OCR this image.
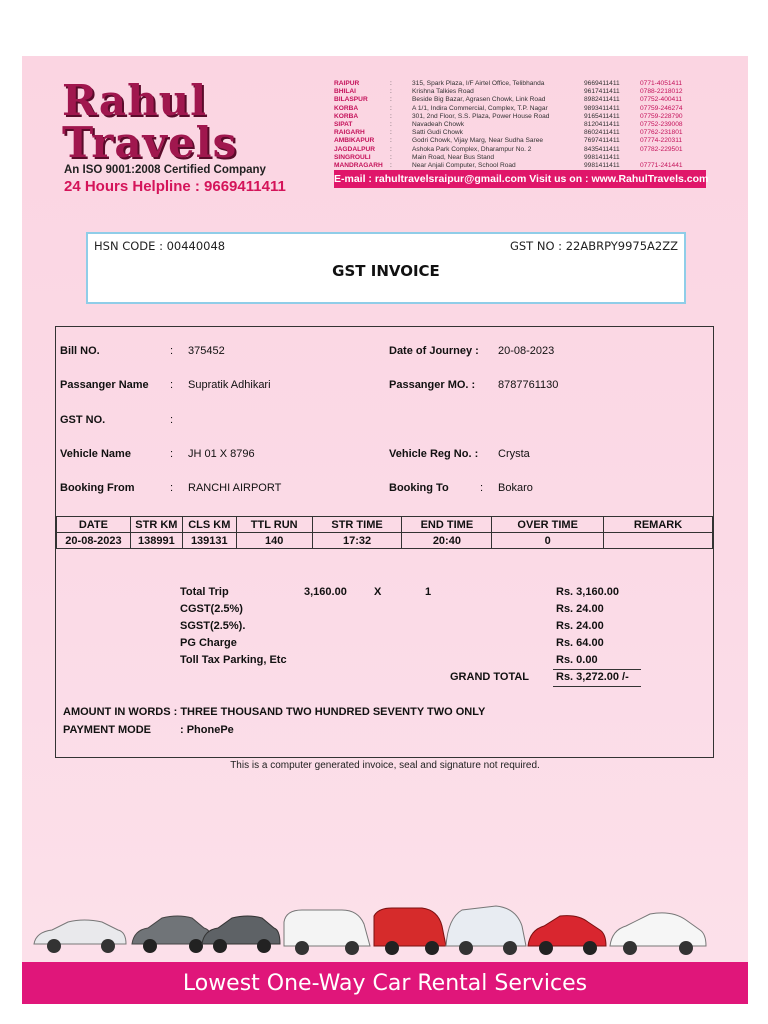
Rahul
Travels
An ISO 9001:2008 Certified Company
24 Hours Helpline : 9669411411
RAIPUR	:	315, Spark Plaza, I/F Airtel Office, Telibhanda	9669411411	0771-4051411
BHILAI	:	Krishna Talkies Road	9617411411	0788-2218012
BILASPUR	:	Beside Big Bazar, Agrasen Chowk, Link Road	8982411411	07752-400411
KORBA	:	A 1/1, Indira Commercial, Complex, T.P. Nagar	9893411411	07759-246274
KORBA	:	301, 2nd Floor, S.S. Plaza, Power House Road	9165411411	07759-228790
SIPAT	:	Navadeah Chowk	8120411411	07752-239008
RAIGARH	:	Satti Gudi Chowk	8602411411	07762-231801
AMBIKAPUR	:	Godri Chowk, Vijay Marg, Near Sudha Saree	7697411411	07774-220311
JAGDALPUR	:	Ashoka Park Complex, Dharampur No. 2	8435411411	07782-229501
SINGROULI	:	Main Road, Near Bus Stand	9981411411
MANDRAGARH	:	Near Anjali Computer, School Road	9981411411	07771-241441
E-mail : rahultravelsraipur@gmail.com Visit us on : www.RahulTravels.com
HSN CODE : 00440048	GST NO : 22ABRPY9975A2ZZ
GST INVOICE
Bill NO.	: 375452	Date of Journey : 20-08-2023
Passanger Name : Supratik Adhikari	Passanger MO. : 8787761130
GST NO.	:
Vehicle Name	: JH 01 X 8796	Vehicle Reg No. : Crysta
Booking From	: RANCHI AIRPORT	Booking To	: Bokaro
DATE	STR KM	CLS KM	TTL RUN	STR TIME	END TIME	OVER TIME	REMARK
20-08-2023	138991	139131	140	17:32	20:40	0	
Total Trip	3,160.00 X	1	Rs. 3,160.00
CGST(2.5%)	Rs. 24.00
SGST(2.5%).	Rs. 24.00
PG Charge	Rs. 64.00
Toll Tax Parking, Etc	Rs. 0.00
GRAND TOTAL Rs. 3,272.00 /-
AMOUNT IN WORDS : THREE THOUSAND TWO HUNDRED SEVENTY TWO ONLY
PAYMENT MODE	: PhonePe
This is a computer generated invoice, seal and signature not required.
Lowest One-Way Car Rental Services
